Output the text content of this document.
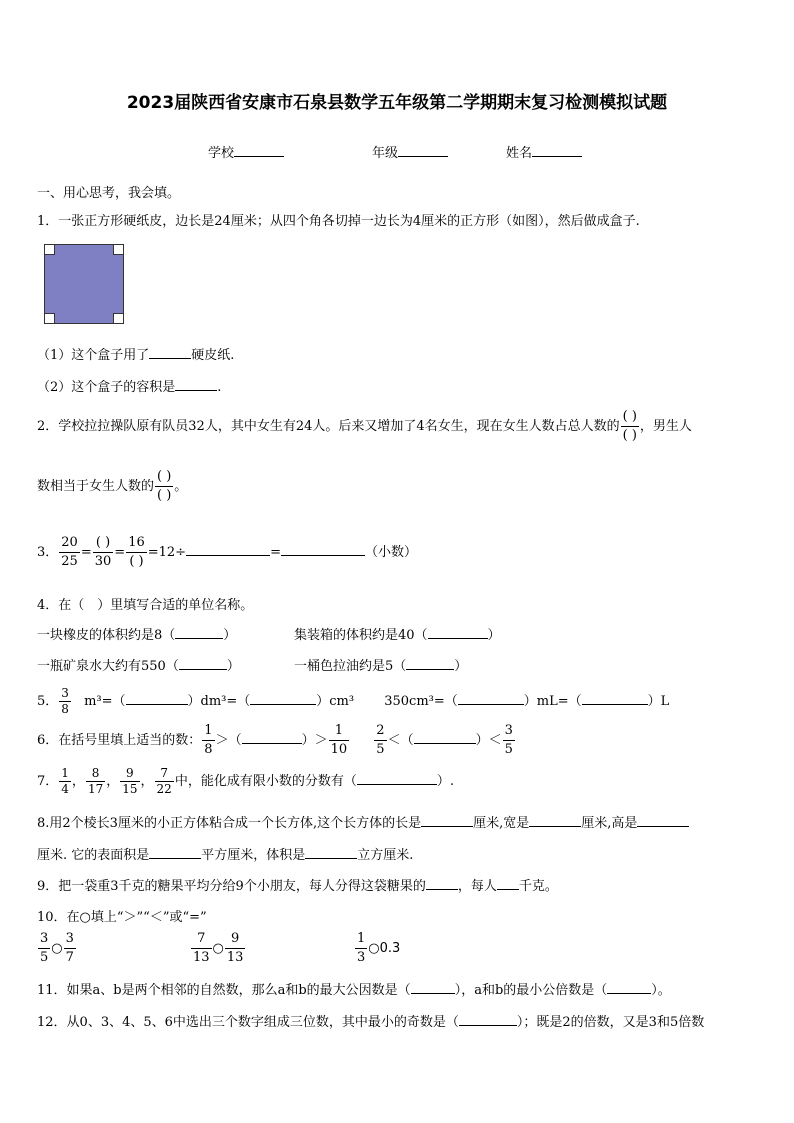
2023届陕西省安康市石泉县数学五年级第二学期期末复习检测模拟试题
学校	年级	姓名
一、用心思考，我会填。
1．一张正方形硬纸皮，边长是24厘米；从四个角各切掉一边长为4厘米的正方形（如图），然后做成盒子.
（1）这个盒子用了	硬皮纸.
（2）这个盒子的容积是	.
2．学校拉拉操队原有队员32人，其中女生有24人。后来又增加了4名女生，现在女生人数占总人数的 $\frac{( )}{( )}$ ，男生人
数相当于女生人数的 $\frac{( )}{( )}$ 。
3． $\frac{20}{25} = \frac{( )}{30} = \frac{16}{( )} =12\div$	=	（小数）
4．在（　）里填写合适的单位名称。
一块橡皮的体积约是8（	）	集装箱的体积约是40（	）
一瓶矿泉水大约有550（	）	一桶色拉油约是5（	）
5． $\frac{3}{8} m^3=$（	）dm³=（	）cm³ 350cm³=（	）mL=（	）L
6．在括号里填上适当的数： $\frac{1}{8}$ ＞（	）＞ $\frac{1}{10}$
$\frac{2}{5}$ ＜（	）＜ $\frac{3}{5}$
7． $\frac{1}{4}$ ， $\frac{8}{17}$ ， $\frac{9}{15}$ ， $\frac{7}{22}$ 中，能化成有限小数的分数有（	）.
8.用2个棱长3厘米的小正方体粘合成一个长方体,这个长方体的长是	厘米,宽是	厘米,高是
厘米. 它的表面积是	平方厘米，体积是	立方厘米.
9．把一袋重3千克的糖果平均分给9个小朋友，每人分得这袋糖果的 ，每人 千克。
10．在○填上“＞”“＜”或“=”
$\frac{3}{5}$ ○ $\frac{3}{7}$	$\frac{7}{13}$ ○ $\frac{9}{13}$	$\frac{1}{3}$ ○0.3
11．如果a、b是两个相邻的自然数，那么a和b的最大公因数是（	），a和b的最小公倍数是（	）。
12．从0、3、4、5、6中选出三个数字组成三位数，其中最小的奇数是（	）；既是2的倍数，又是3和5倍数
